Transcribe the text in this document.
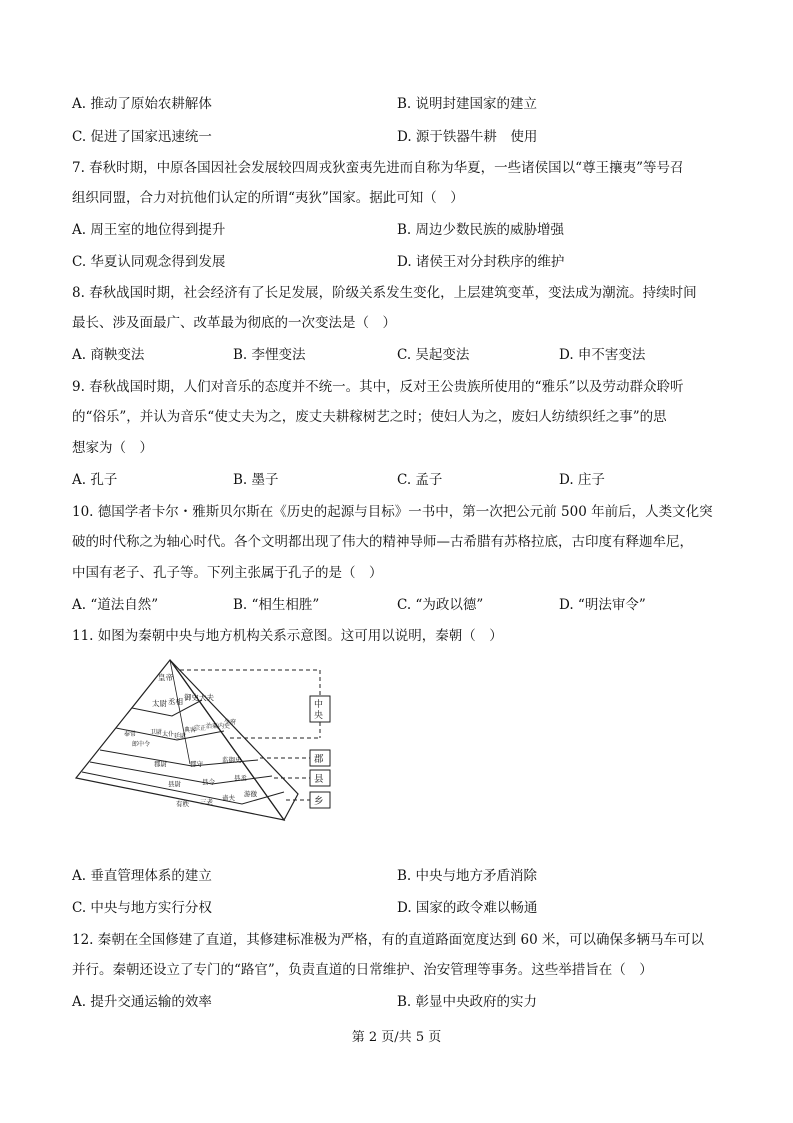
A. 推动了原始农耕解体	B. 说明封建国家的建立
C. 促进了国家迅速统一	D. 源于铁器牛耕　使用
7. 春秋时期，中原各国因社会发展较四周戎狄蛮夷先进而自称为华夏，一些诸侯国以“尊王攘夷”等号召
组织同盟，合力对抗他们认定的所谓“夷狄”国家。据此可知（　）
A. 周王室的地位得到提升	B. 周边少数民族的威胁增强
C. 华夏认同观念得到发展	D. 诸侯王对分封秩序的维护
8. 春秋战国时期，社会经济有了长足发展，阶级关系发生变化，上层建筑变革，变法成为潮流。持续时间
最长、涉及面最广、改革最为彻底的一次变法是（　）
A. 商鞅变法	B. 李悝变法	C. 吴起变法	D. 申不害变法
9. 春秋战国时期，人们对音乐的态度并不统一。其中，反对王公贵族所使用的“雅乐”以及劳动群众聆听
的“俗乐”，并认为音乐“使丈夫为之，废丈夫耕稼树艺之时；使妇人为之，废妇人纺绩织纴之事”的思
想家为（　）
A. 孔子	B. 墨子	C. 孟子	D. 庄子
10. 德国学者卡尔・雅斯贝尔斯在《历史的起源与目标》一书中，第一次把公元前 500 年前后，人类文化突
破的时代称之为轴心时代。各个文明都出现了伟大的精神导师—古希腊有苏格拉底，古印度有释迦牟尼，
中国有老子、孔子等。下列主张属于孔子的是（　）
A. “道法自然”	B. “相生相胜”	C. “为政以德”	D. “明法审令”
11. 如图为秦朝中央与地方机构关系示意图。这可用以说明，秦朝（　）
皇帝
太尉 丞相 御史大夫
奉常
郎中令
卫尉 太仆 廷尉
典客
宗正 治粟内史
少府
郡尉	郡守	监御史
县尉	县令	县丞
有秩 三老 啬夫 游徼
中
央
郡
县
乡
A. 垂直管理体系的建立	B. 中央与地方矛盾消除
C. 中央与地方实行分权	D. 国家的政令难以畅通
12. 秦朝在全国修建了直道，其修建标准极为严格，有的直道路面宽度达到 60 米，可以确保多辆马车可以
并行。秦朝还设立了专门的“路官”，负责直道的日常维护、治安管理等事务。这些举措旨在（　）
A. 提升交通运输的效率	B. 彰显中央政府的实力
第 2 页/共 5 页
